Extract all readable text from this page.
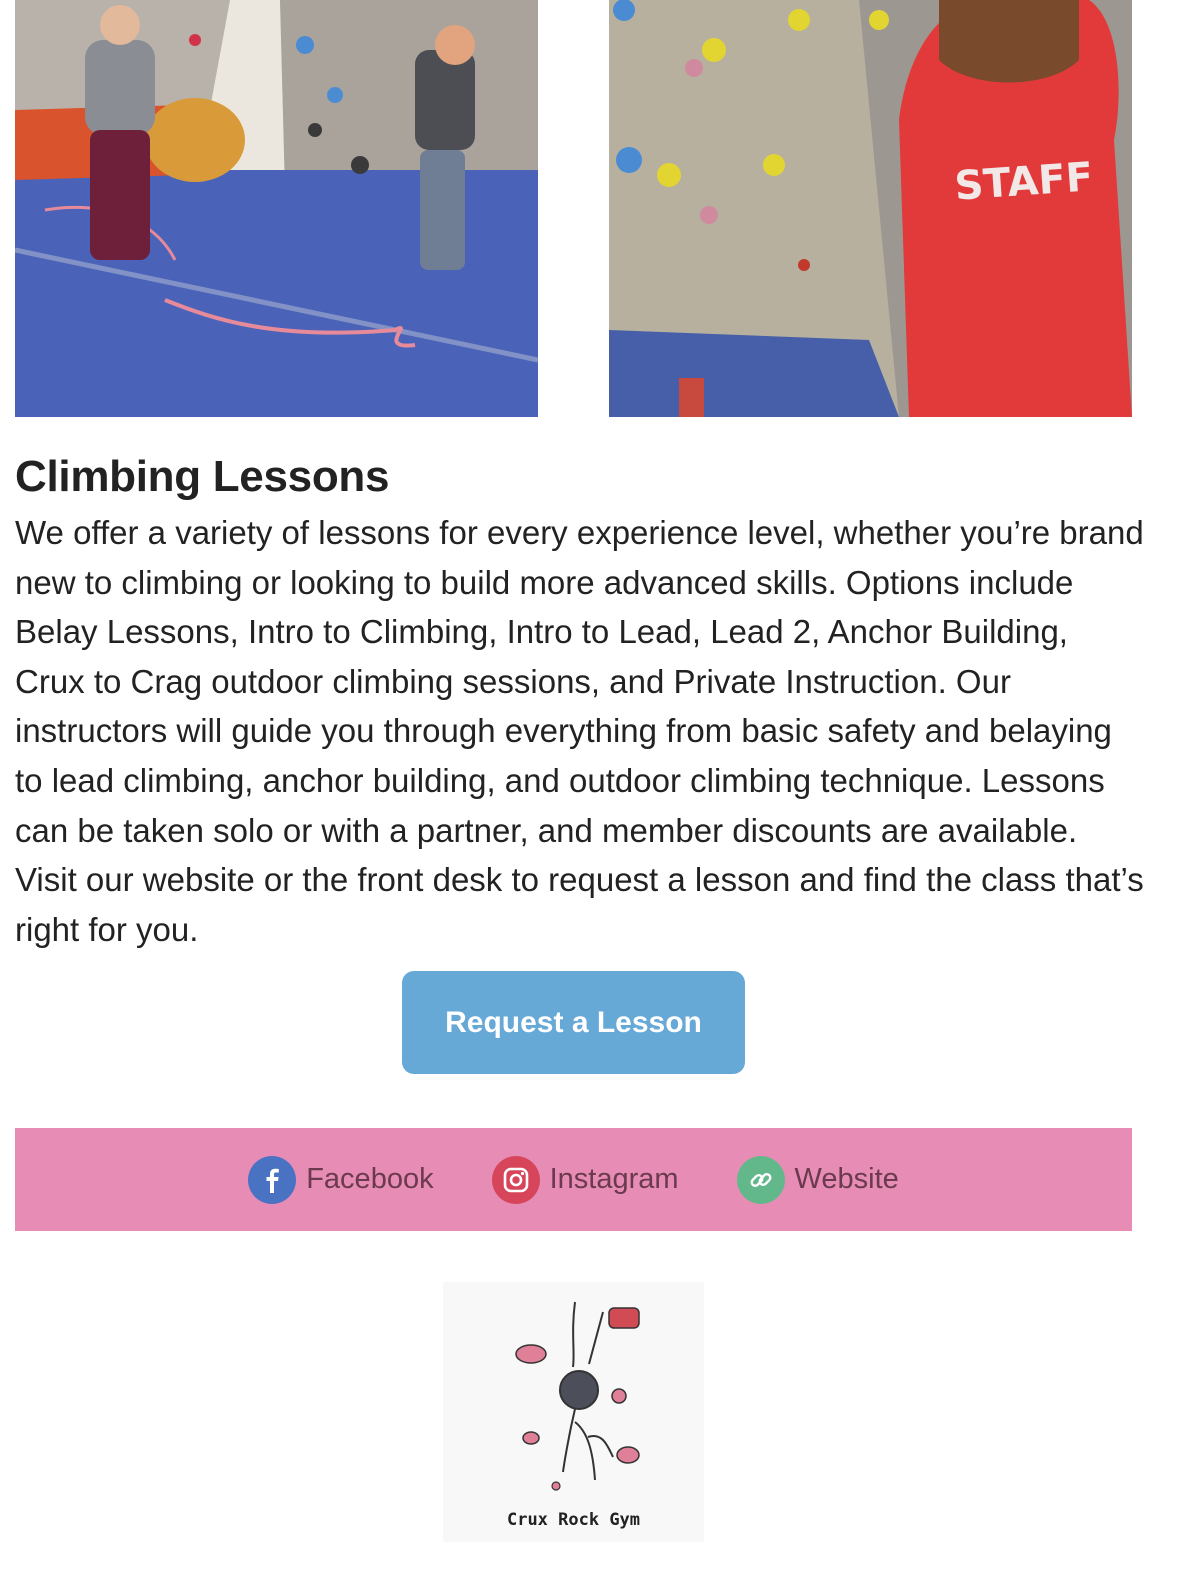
STAFF
Climbing Lessons

We offer a variety of lessons for every experience level, whether you’re brand new to climbing or looking to build more advanced skills. Options include Belay Lessons, Intro to Climbing, Intro to Lead, Lead 2, Anchor Building, Crux to Crag outdoor climbing sessions, and Private Instruction. Our instructors will guide you through everything from basic safety and belaying to lead climbing, anchor building, and outdoor climbing technique. Lessons can be taken solo or with a partner, and member discounts are available. Visit our website or the front desk to request a lesson and find the class that’s right for you.

Request a Lesson
Facebook	Instagram	Website
Crux Rock Gym
